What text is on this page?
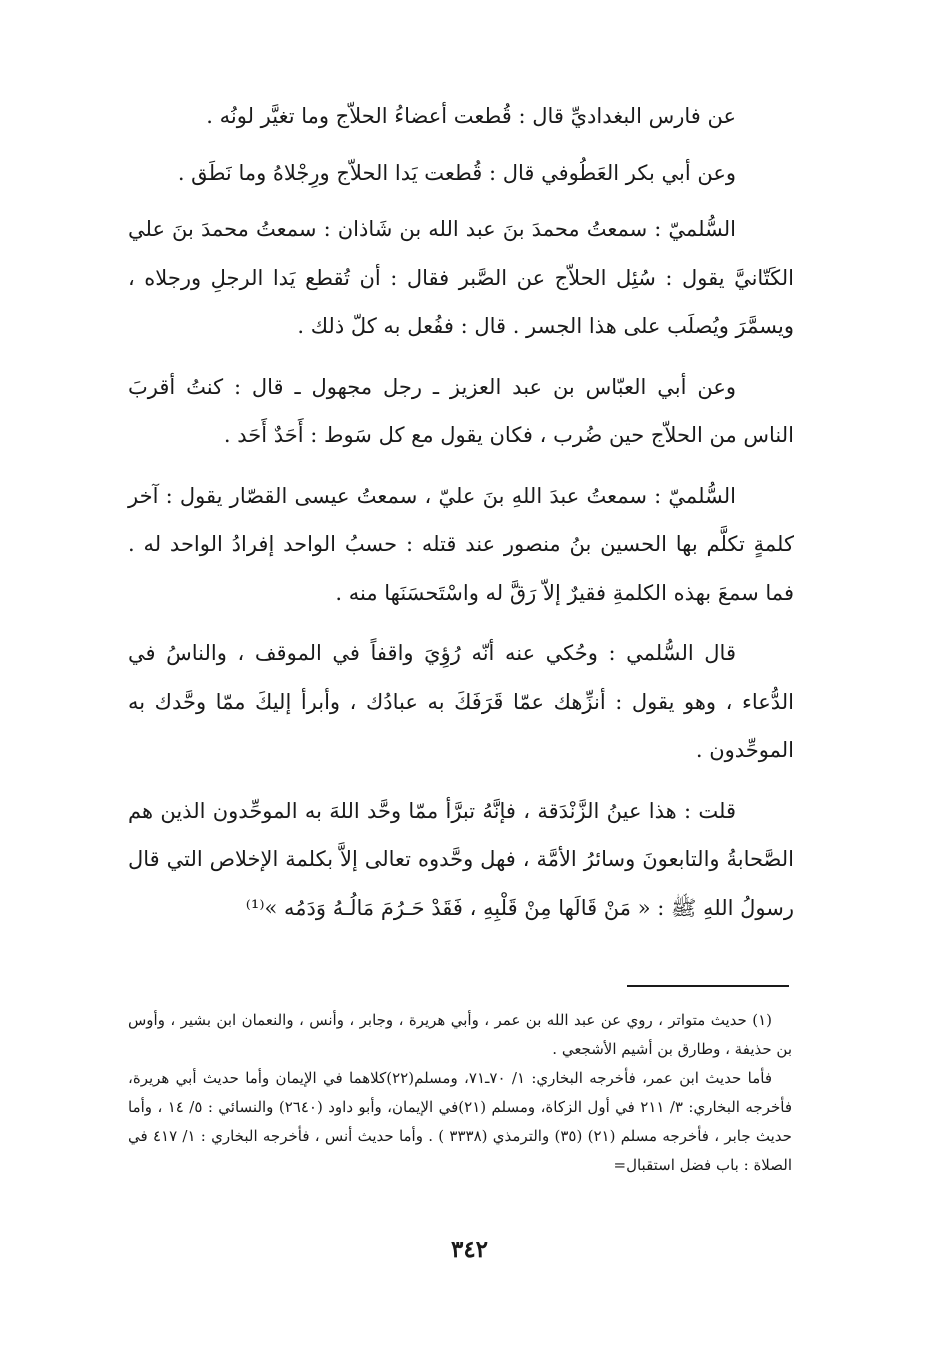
عن فارس البغداديِّ قال : قُطعت أعضاءُ الحلاّج وما تغيَّر لونُه .

وعن أبي بكر العَطُوفي قال : قُطعت يَدا الحلاّج ورِجْلاهُ وما نَطَق .

السُّلميّ : سمعتُ محمدَ بنَ عبد الله بن شَاذان : سمعتُ محمدَ بنَ علي الكَتّانيَّ يقول : سُئِل الحلاّج عن الصَّبر فقال : أن تُقطع يَدا الرجلِ ورجلاه ، ويسمَّرَ ويُصلَب على هذا الجسر . قال : ففُعل به كلّ ذلك .

وعن أبي العبّاس بن عبد العزيز ـ رجل مجهول ـ قال : كنتُ أقربَ الناس من الحلاّج حين ضُرب ، فكان يقول مع كل سَوط : أَحَدٌ أَحَد .

السُّلميّ : سمعتُ عبدَ اللهِ بنَ عليّ ، سمعتُ عيسى القصّار يقول : آخر كلمةٍ تكلَّم بها الحسين بنُ منصور عند قتله : حسبُ الواحد إفرادُ الواحد له . فما سمعَ بهذه الكلمةِ فقيرٌ إلاّ رَقَّ له واسْتَحسَنَها منه .

قال السُّلمي : وحُكي عنه أنّه رُؤِيَ واقفاً في الموقف ، والناسُ في الدُّعاء ، وهو يقول : أنزِّهك عمّا قَرَفَكَ به عبادُك ، وأبرأ إليكَ ممّا وحَّدك به الموحِّدون .

قلت : هذا عينُ الزَّنْدَقة ، فإنَّهُ تبرَّأ ممّا وحَّد اللهَ به الموحِّدون الذين هم الصَّحابةُ والتابعونَ وسائرُ الأمَّة ، فهل وحَّدوه تعالى إلاَّ بكلمة الإخلاص التي قال رسولُ اللهِ ﷺ : « مَنْ قَالَها مِنْ قَلْبِهِ ، فَقَدْ حَـرُمَ مَالُـهُ وَدَمُه »⁽¹⁾

(١) حديث متواتر ، روي عن عبد الله بن عمر ، وأبي هريرة ، وجابر ، وأنس ، والنعمان ابن بشير ، وأوس بن حذيفة ، وطارق بن أشيم الأشجعي .

فأما حديث ابن عمر، فأخرجه البخاري: ١/ ٧٠ـ٧١، ومسلم(٢٢)كلاهما في الإيمان وأما حديث أبي هريرة، فأخرجه البخاري: ٣/ ٢١١ في أول الزكاة، ومسلم (٢١)في الإيمان، وأبو داود (٢٦٤٠) والنسائي : ٥/ ١٤ ، وأما حديث جابر ، فأخرجه مسلم (٢١) (٣٥) والترمذي (٣٣٣٨ ) . وأما حديث أنس ، فأخرجه البخاري : ١/ ٤١٧ في الصلاة : باب فضل استقبال=

٣٤٢
